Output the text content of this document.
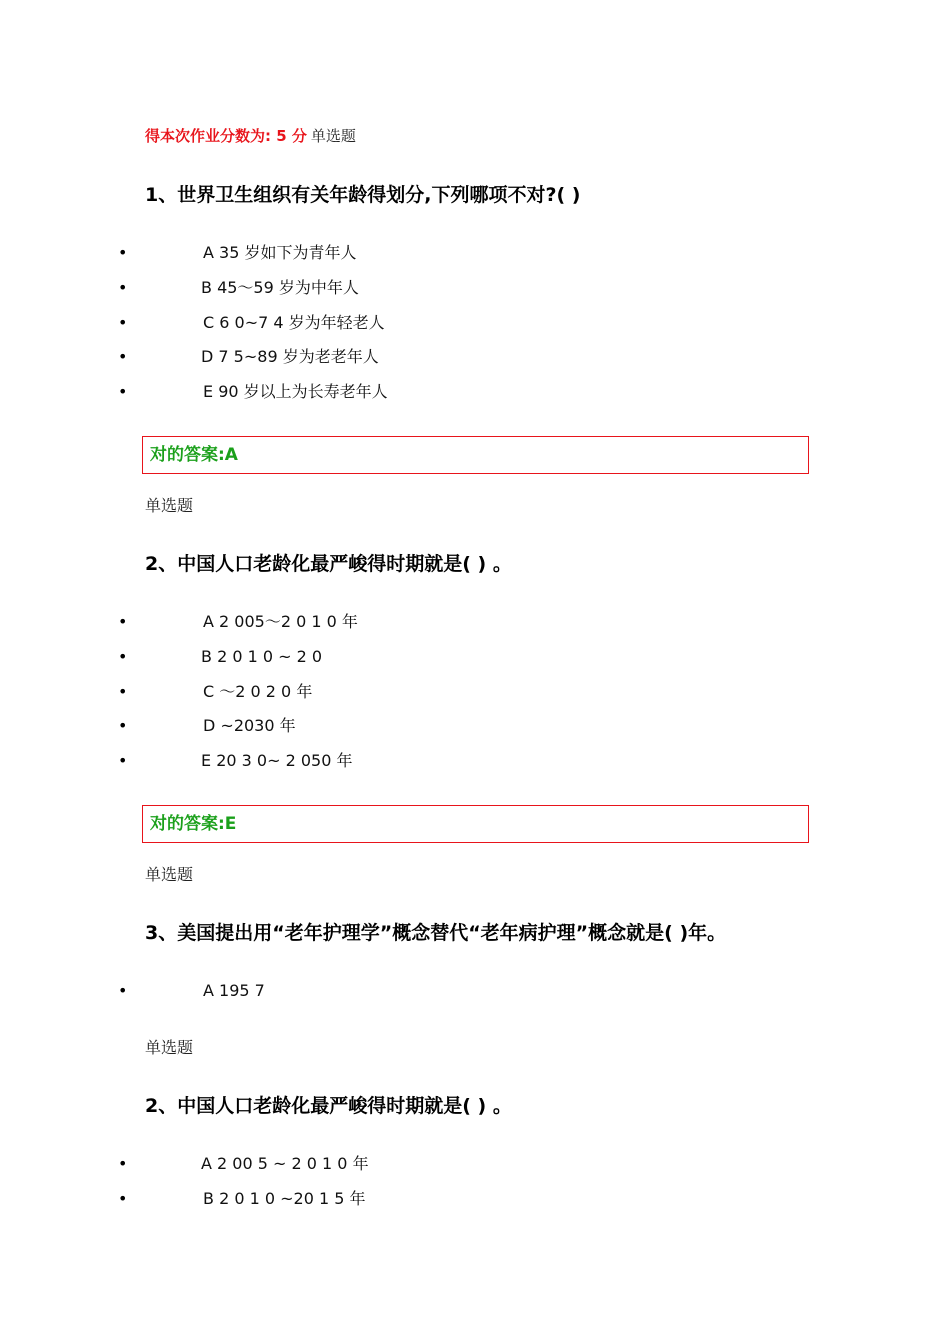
得本次作业分数为: 5 分 单选题
1、世界卫生组织有关年龄得划分,下列哪项不对?( )
•	A 35 岁如下为青年人
•	B 45～59 岁为中年人
•	C 6 0~7 4 岁为年轻老人
•	D 7 5~89 岁为老老年人
•	E 90 岁以上为长寿老年人
对的答案:A
单选题
2、中国人口老龄化最严峻得时期就是( ) 。
•	A 2 005～2 0 1 0 年
•	B 2 0 1 0 ~ 2 0
•	C ～2 0 2 0 年
•	D ~2030 年
•	E 20 3 0~ 2 050 年
对的答案:E
单选题
3、美国提出用“老年护理学”概念替代“老年病护理”概念就是( )年。
•	A 195 7
单选题
2、中国人口老龄化最严峻得时期就是( ) 。
•	A 2 00 5 ~ 2 0 1 0 年
•	B 2 0 1 0 ~20 1 5 年
